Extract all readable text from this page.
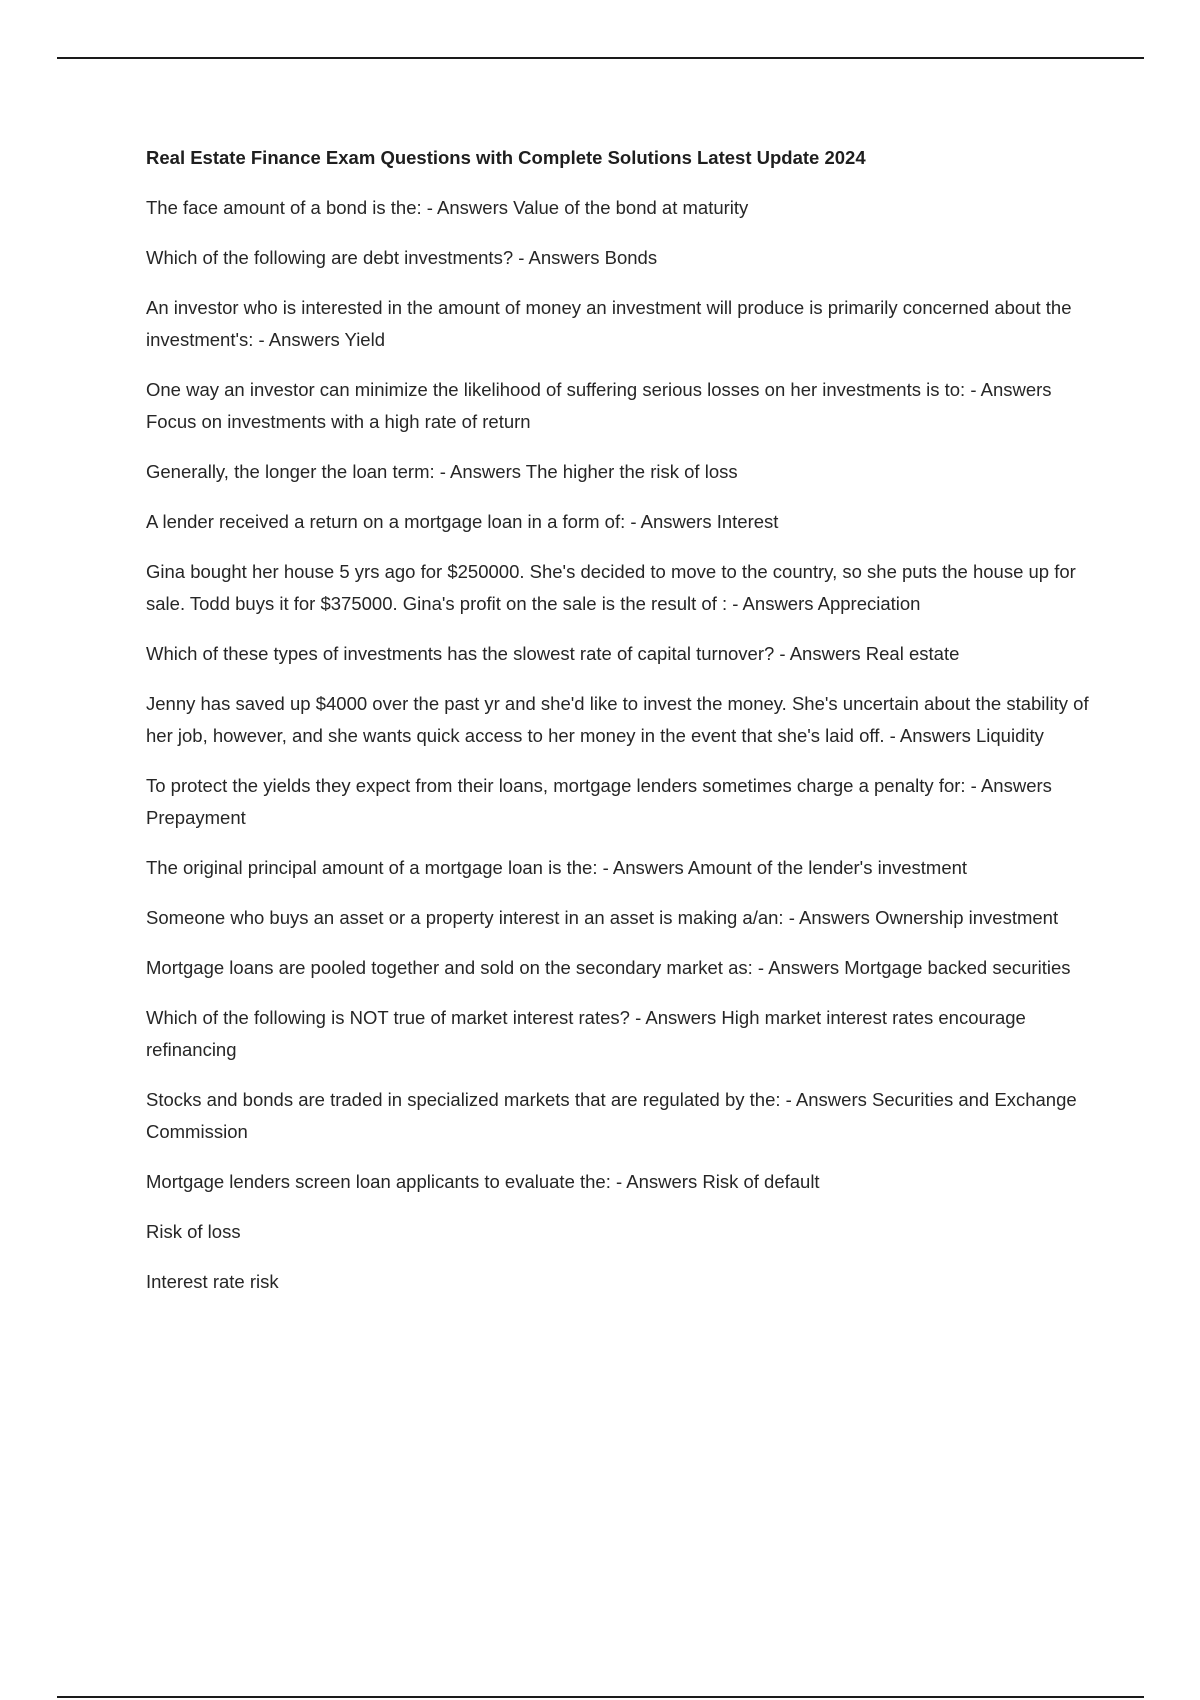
Real Estate Finance Exam Questions with Complete Solutions Latest Update 2024

The face amount of a bond is the: - Answers Value of the bond at maturity

Which of the following are debt investments? - Answers Bonds

An investor who is interested in the amount of money an investment will produce is primarily concerned about the investment's: - Answers Yield

One way an investor can minimize the likelihood of suffering serious losses on her investments is to: - Answers Focus on investments with a high rate of return

Generally, the longer the loan term: - Answers The higher the risk of loss

A lender received a return on a mortgage loan in a form of: - Answers Interest

Gina bought her house 5 yrs ago for $250000. She's decided to move to the country, so she puts the house up for sale. Todd buys it for $375000. Gina's profit on the sale is the result of : - Answers Appreciation

Which of these types of investments has the slowest rate of capital turnover? - Answers Real estate

Jenny has saved up $4000 over the past yr and she'd like to invest the money. She's uncertain about the stability of her job, however, and she wants quick access to her money in the event that she's laid off. - Answers Liquidity

To protect the yields they expect from their loans, mortgage lenders sometimes charge a penalty for: - Answers Prepayment

The original principal amount of a mortgage loan is the: - Answers Amount of the lender's investment

Someone who buys an asset or a property interest in an asset is making a/an: - Answers Ownership investment

Mortgage loans are pooled together and sold on the secondary market as: - Answers Mortgage backed securities

Which of the following is NOT true of market interest rates? - Answers High market interest rates encourage refinancing

Stocks and bonds are traded in specialized markets that are regulated by the: - Answers Securities and Exchange Commission

Mortgage lenders screen loan applicants to evaluate the: - Answers Risk of default

Risk of loss

Interest rate risk
